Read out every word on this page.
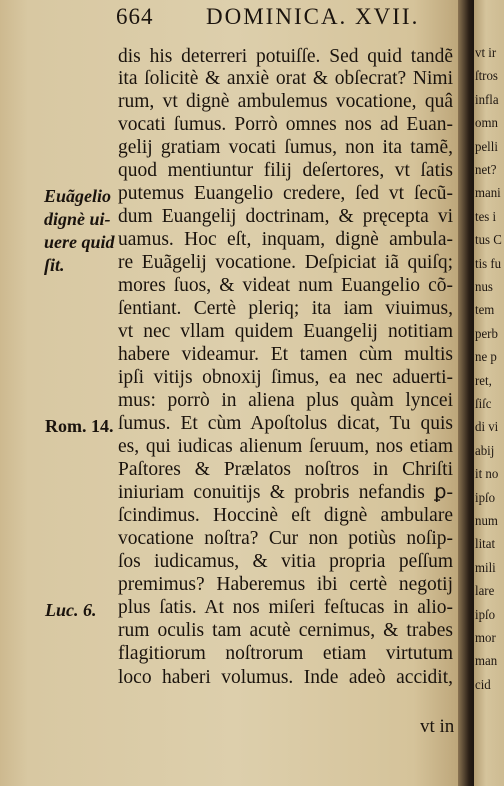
664 DOMINICA. XVII.
dis his deterreri potuiſſe. Sed quid tandẽ
ita ſolicitè & anxiè orat & obſecrat? Nimi
rum, vt dignè ambulemus vocatione, quâ
vocati ſumus. Porrò omnes nos ad Euan-
gelij gratiam vocati ſumus, non ita tamẽ,
quod mentiuntur filij deſertores, vt ſatis
putemus Euangelio credere, ſed vt ſecũ-
dum Euangelij doctrinam, & pręcepta vi
uamus. Hoc eſt, inquam, dignè ambula-
re Euãgelij vocatione. Deſpiciat iã quiſq;
mores ſuos, & videat num Euangelio cõ-
ſentiant. Certè pleriq; ita iam viuimus,
vt nec vllam quidem Euangelij notitiam
habere videamur. Et tamen cùm multis
ipſi vitijs obnoxij ſimus, ea nec aduerti-
mus: porrò in aliena plus quàm lyncei
ſumus. Et cùm Apoſtolus dicat, Tu quis
es, qui iudicas alienum ſeruum, nos etiam
Paſtores & Prælatos noſtros in Chriſti
iniuriam conuitijs & probris nefandis ꝑ-
ſcindimus. Hoccinè eſt dignè ambulare
vocatione noſtra? Cur non potiùs noſip-
ſos iudicamus, & vitia propria peſſum
premimus? Haberemus ibi certè negotij
plus ſatis. At nos miſeri feſtucas in alio-
rum oculis tam acutè cernimus, & trabes
flagitiorum noſtrorum etiam virtutum
loco haberi volumus. Inde adeò accidit,
vt in
Euãgelio
dignè ui-
uere quid
ſit.
Rom. 14.
Luc. 6.
vt ir
ſtros
infla
omn
pelli
net?
mani
tes i
tus C
tis fu
nus
tem
perb
ne p
ret,
ſiſc
di vi
abij
it no
ipſo
num
litat
mili
lare
ipſo
mor
man
cid
